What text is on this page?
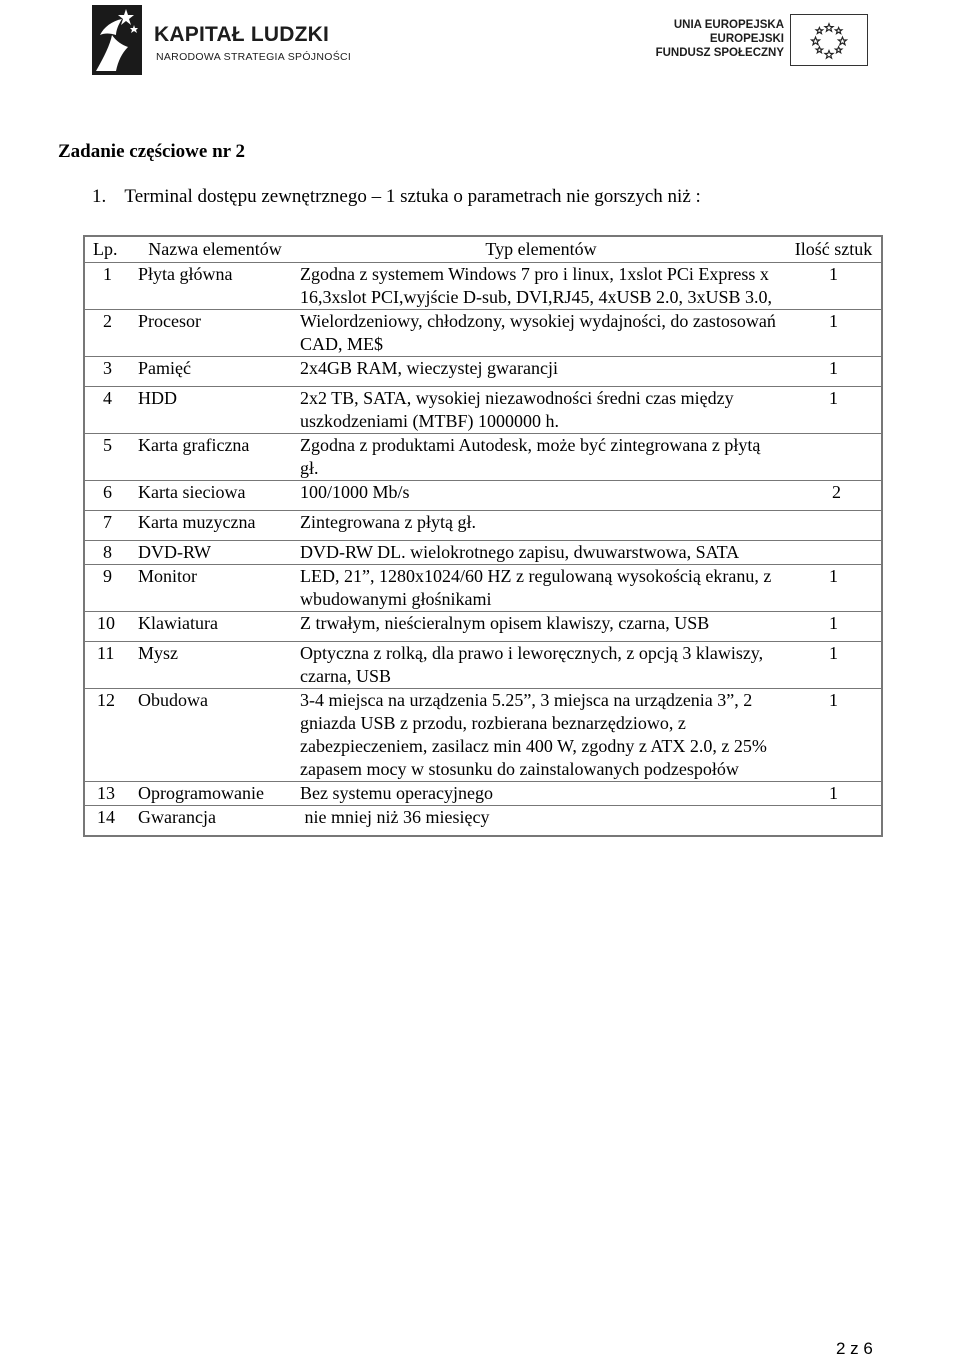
KAPITAŁ LUDZKI
NARODOWA STRATEGIA SPÓJNOŚCI
UNIA EUROPEJSKA
EUROPEJSKI
FUNDUSZ SPOŁECZNY
Zadanie częściowe nr 2
1. Terminal dostępu zewnętrznego – 1 sztuka o parametrach nie gorszych niż :
Lp.	Nazwa elementów	Typ elementów	Ilość sztuk
1	Płyta główna	Zgodna z systemem Windows 7 pro i linux, 1xslot PCi Express x 16,3xslot PCI,wyjście D-sub, DVI,RJ45, 4xUSB 2.0, 3xUSB 3.0,	1
2	Procesor	Wielordzeniowy, chłodzony, wysokiej wydajności, do zastosowań CAD, ME$	1
3	Pamięć	2x4GB RAM, wieczystej gwarancji	1
4	HDD	2x2 TB, SATA, wysokiej niezawodności średni czas między uszkodzeniami (MTBF) 1000000 h.	1
5	Karta graficzna	Zgodna z produktami Autodesk, może być zintegrowana z płytą gł.	
6	Karta sieciowa	100/1000 Mb/s	2
7	Karta muzyczna	Zintegrowana z płytą gł.	
8	DVD-RW	DVD-RW DL. wielokrotnego zapisu, dwuwarstwowa, SATA	
9	Monitor	LED, 21”, 1280x1024/60 HZ z regulowaną wysokością ekranu, z wbudowanymi głośnikami	1
10	Klawiatura	Z trwałym, nieścieralnym opisem klawiszy, czarna, USB	1
11	Mysz	Optyczna z rolką, dla prawo i leworęcznych, z opcją 3 klawiszy, czarna, USB	1
12	Obudowa	3-4 miejsca na urządzenia 5.25”, 3 miejsca na urządzenia 3”, 2 gniazda USB z przodu, rozbierana beznarzędziowo, z zabezpieczeniem, zasilacz min 400 W, zgodny z ATX 2.0, z 25% zapasem mocy w stosunku do zainstalowanych podzespołów	1
13	Oprogramowanie	Bez systemu operacyjnego	1
14	Gwarancja	nie mniej niż 36 miesięcy	
2 z 6
